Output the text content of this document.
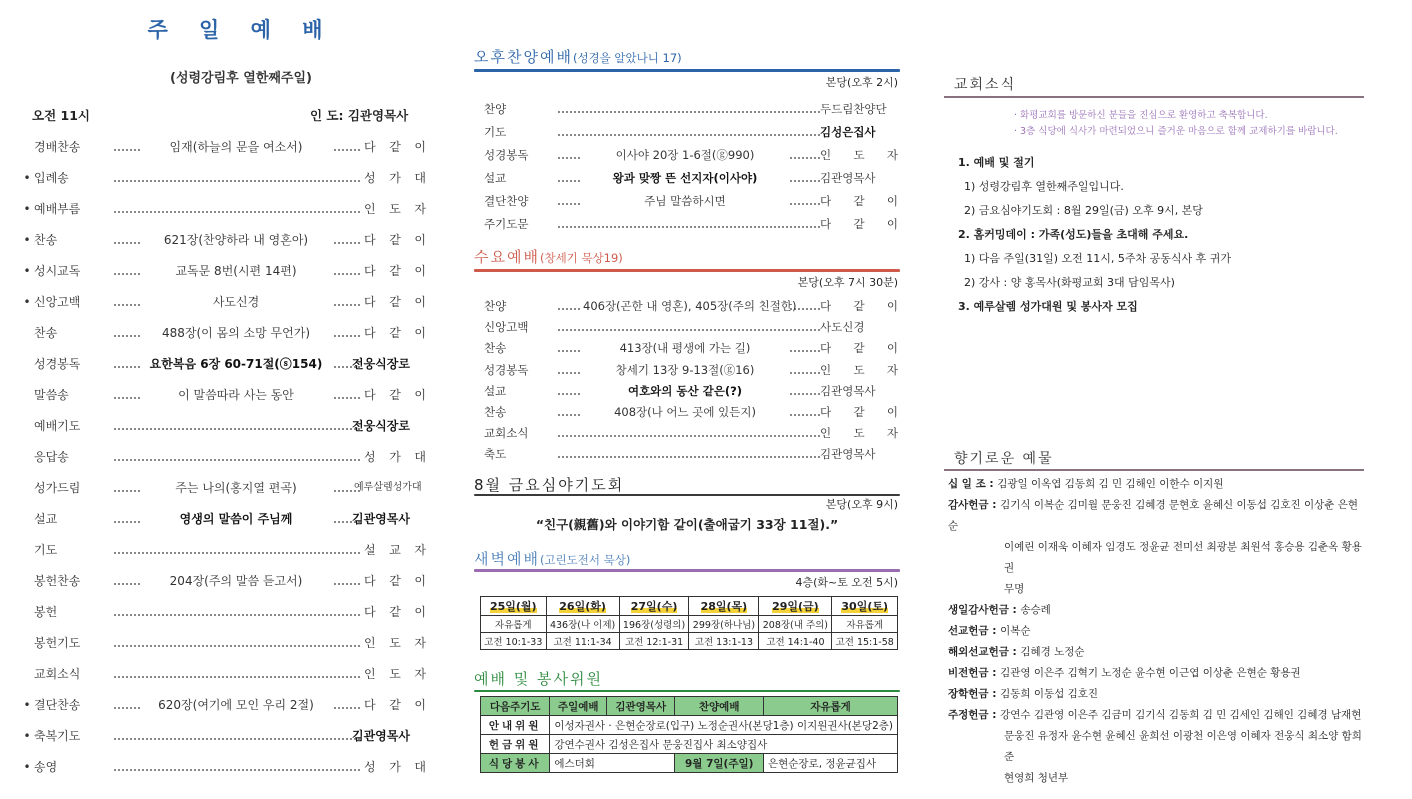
주 일 예 배
(성령강림후 열한째주일)
오전 11시	인 도: 김관영목사
경배찬송	임재(하늘의 문을 여소서)	다 같 이
• 입례송	성 가 대
• 예배부름	인 도 자
• 찬송	621장(찬양하라 내 영혼아)	다 같 이
• 성시교독	교독문 8번(시편 14편)	다 같 이
• 신앙고백	사도신경	다 같 이
찬송	488장(이 몸의 소망 무언가)	다 같 이
성경봉독	요한복음 6장 60-71절(ⓢ154)	전웅식장로
말씀송	이 말씀따라 사는 동안	다 같 이
예배기도	전웅식장로
응답송	성 가 대
성가드림	주는 나의(홍지열 편곡)	예루살렘성가대
설교	영생의 말씀이 주님께	김관영목사
기도	설 교 자
봉헌찬송	204장(주의 말씀 듣고서)	다 같 이
봉헌	다 같 이
봉헌기도	인 도 자
교회소식	인 도 자
• 결단찬송	620장(여기에 모인 우리 2절)	다 같 이
• 축복기도	김관영목사
• 송영	성 가 대
오후찬양예배(성경을 알았나니 17)
본당(오후 2시)
찬양	두드림찬양단
기도	김성은집사
성경봉독	이사야 20장 1-6절(ⓖ990)	인 도 자
설교	왕과 맞짱 뜬 선지자(이사야)	김관영목사
결단찬양	주님 말씀하시면	다 같 이
주기도문	다 같 이
수요예배(창세기 묵상19)
본당(오후 7시 30분)
찬양	406장(곤한 내 영혼), 405장(주의 친절한) 다 같 이
신앙고백	사도신경
찬송	413장(내 평생에 가는 길)	다 같 이
성경봉독	창세기 13장 9-13절(ⓖ16)	인 도 자
설교	여호와의 동산 같은(?)	김관영목사
찬송	408장(나 어느 곳에 있든지)	다 같 이
교회소식	인 도 자
축도	김관영목사
8월 금요심야기도회
본당(오후 9시)
“친구(親舊)와 이야기함 같이(출애굽기 33장 11절).”
새벽예배(고린도전서 묵상)
4층(화~토 오전 5시)
25일(월)	26일(화)	27일(수)	28일(목)	29일(금)	30일(토)
자유롭게	436장(나 이제)	196장(성령의)	299장(하나님)	208장(내 주의)	자유롭게
고전 10:1-33	고전 11:1-34	고전 12:1-31	고전 13:1-13	고전 14:1-40	고전 15:1-58
예배 및 봉사위원
다음주기도	주일예배	김관영목사	찬양예배	자유롭게
안내위원	이성자권사 · 은현순장로(입구) 노정순권사(본당1층) 이지원권사(본당2층)			
헌금위원	강연수권사 김성은집사 문웅진집사 최소양집사			
식당봉사	에스더회		9월 7일(주일)	은현순장로, 정윤균집사
교회소식
· 화평교회를 방문하신 분들을 진심으로 환영하고 축복합니다.
· 3층 식당에 식사가 마련되었으니 즐거운 마음으로 함께 교제하기를 바랍니다.
1. 예배 및 절기
1) 성령강림후 열한째주일입니다.
2) 금요심야기도회 : 8월 29일(금) 오후 9시, 본당
2. 홈커밍데이 : 가족(성도)들을 초대해 주세요.
1) 다음 주일(31일) 오전 11시, 5주차 공동식사 후 귀가
2) 강사 : 양 홍목사(화평교회 3대 담임목사)
3. 예루살렘 성가대원 및 봉사자 모집
향기로운 예물
십 일 조 : 김광일 이옥엽 김동희 김 민 김해인 이한수 이지원
감사헌금 : 김기식 이복순 김미월 문웅진 김혜경 문현호 윤혜신 이동섭 김호진 이상춘 은현순
이예린 이재욱 이혜자 임경도 정윤균 전미선 최광분 최원석 홍승용 김춘옥 황용권
무명
생일감사헌금 : 송승례
선교헌금 : 이복순
해외선교헌금 : 김혜경 노정순
비전헌금 : 김관영 이은주 김혁기 노정순 윤수현 이근엽 이상춘 은현순 황용권
장학헌금 : 김동희 이동섭 김호진
주정헌금 : 강연수 김관영 이은주 김금미 김기식 김동희 김 민 김세인 김해인 김혜경 남재현
문웅진 유정자 윤수현 윤혜신 윤희선 이광천 이은영 이혜자 전웅식 최소양 함희준
현영희 청년부
